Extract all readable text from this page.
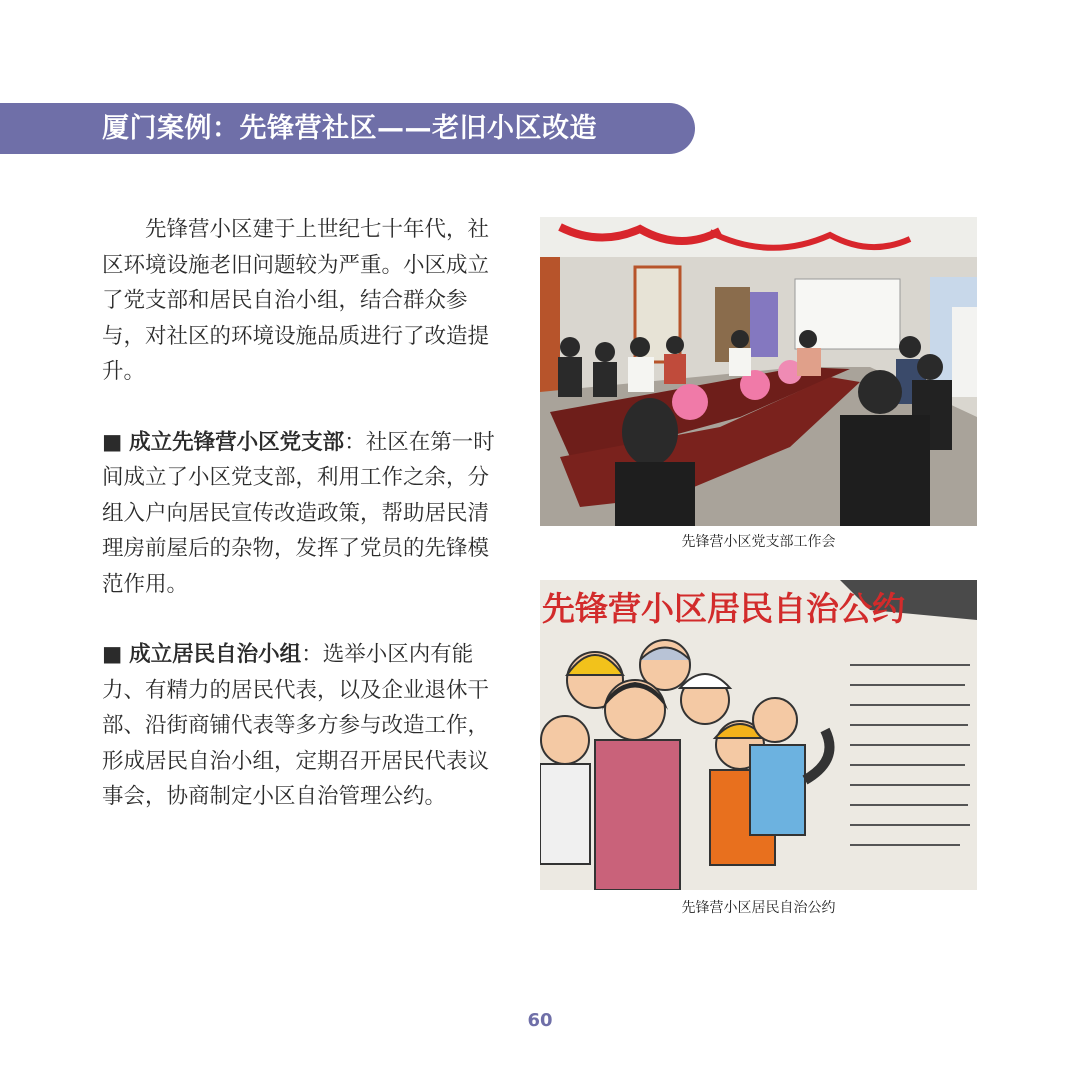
厦门案例：先锋营社区——老旧小区改造

先锋营小区建于上世纪七十年代，社区环境设施老旧问题较为严重。小区成立了党支部和居民自治小组，结合群众参与，对社区的环境设施品质进行了改造提升。

■ 成立先锋营小区党支部：社区在第一时间成立了小区党支部，利用工作之余，分组入户向居民宣传改造政策，帮助居民清理房前屋后的杂物，发挥了党员的先锋模范作用。

■ 成立居民自治小组：选举小区内有能力、有精力的居民代表，以及企业退休干部、沿街商铺代表等多方参与改造工作，形成居民自治小组，定期召开居民代表议事会，协商制定小区自治管理公约。

先锋营小区党支部工作会
先锋营小区居民自治公约
先锋营小区居民自治公约
60
